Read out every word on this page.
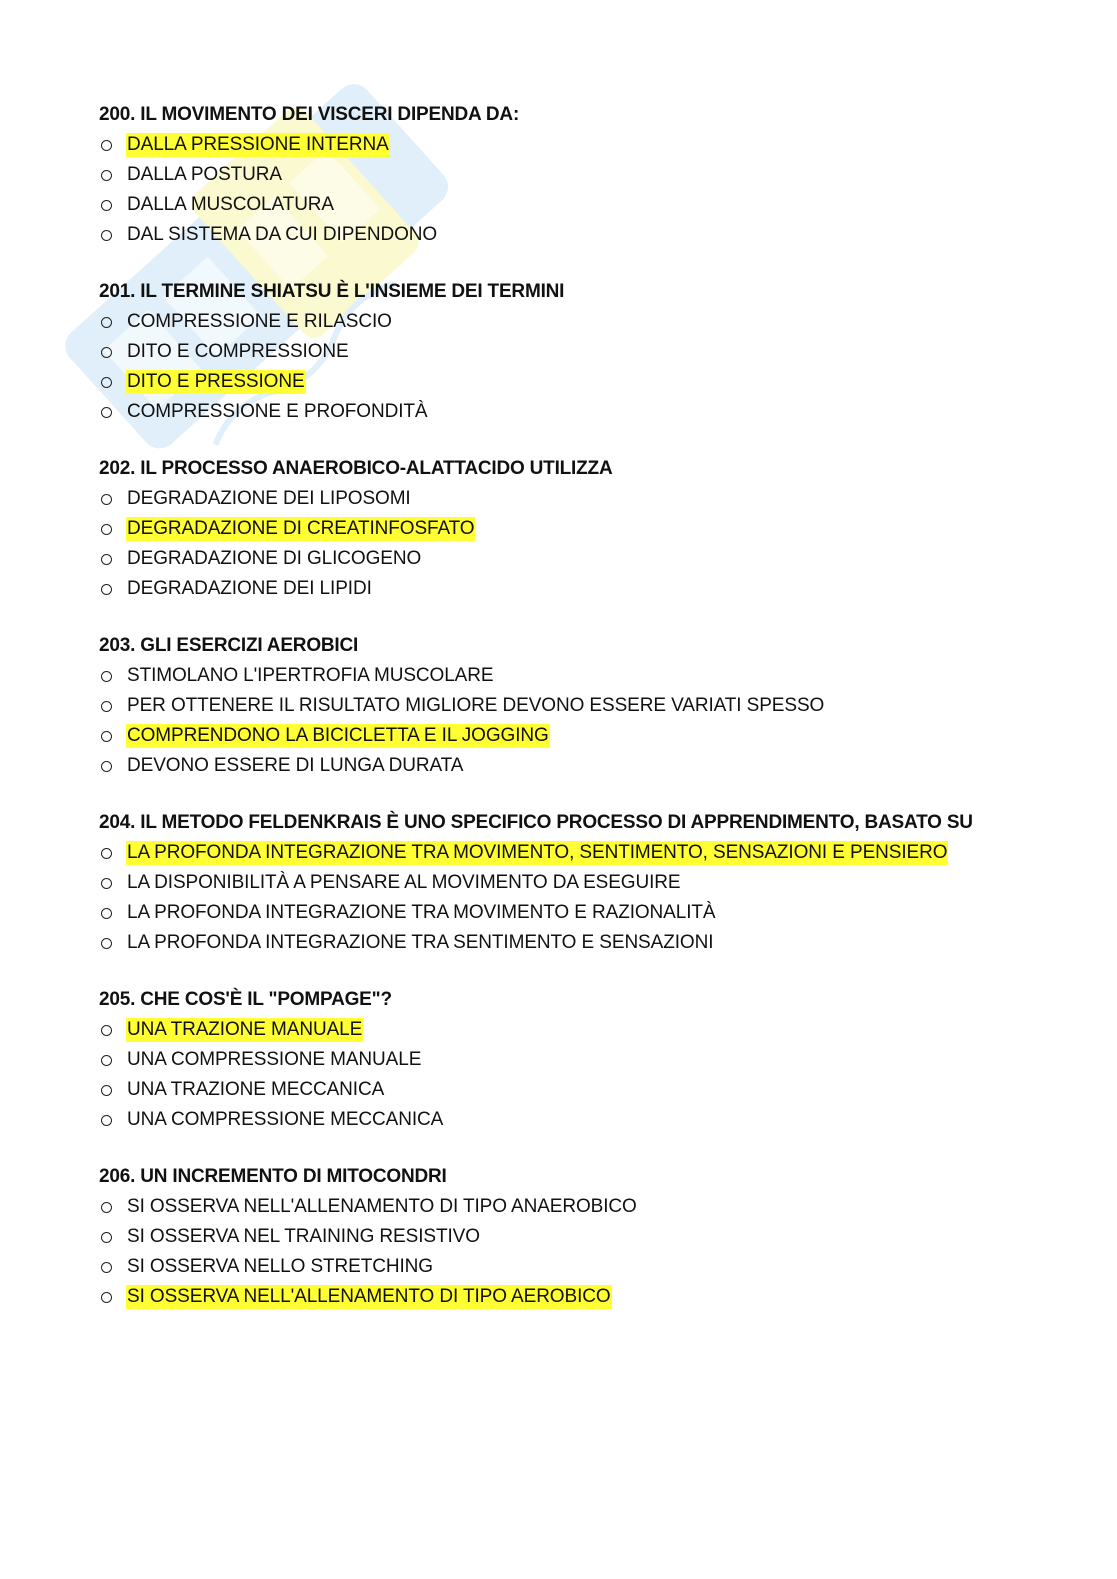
200. IL MOVIMENTO DEI VISCERI DIPENDA DA:
DALLA PRESSIONE INTERNA
DALLA POSTURA
DALLA MUSCOLATURA
DAL SISTEMA DA CUI DIPENDONO
201. IL TERMINE SHIATSU È L'INSIEME DEI TERMINI
COMPRESSIONE E RILASCIO
DITO E COMPRESSIONE
DITO E PRESSIONE
COMPRESSIONE E PROFONDITÀ
202. IL PROCESSO ANAEROBICO-ALATTACIDO UTILIZZA
DEGRADAZIONE DEI LIPOSOMI
DEGRADAZIONE DI CREATINFOSFATO
DEGRADAZIONE DI GLICOGENO
DEGRADAZIONE DEI LIPIDI
203. GLI ESERCIZI AEROBICI
STIMOLANO L'IPERTROFIA MUSCOLARE
PER OTTENERE IL RISULTATO MIGLIORE DEVONO ESSERE VARIATI SPESSO
COMPRENDONO LA BICICLETTA E IL JOGGING
DEVONO ESSERE DI LUNGA DURATA
204. IL METODO FELDENKRAIS È UNO SPECIFICO PROCESSO DI APPRENDIMENTO, BASATO SU
LA PROFONDA INTEGRAZIONE TRA MOVIMENTO, SENTIMENTO, SENSAZIONI E PENSIERO
LA DISPONIBILITÀ A PENSARE AL MOVIMENTO DA ESEGUIRE
LA PROFONDA INTEGRAZIONE TRA MOVIMENTO E RAZIONALITÀ
LA PROFONDA INTEGRAZIONE TRA SENTIMENTO E SENSAZIONI
205. CHE COS'È IL "POMPAGE"?
UNA TRAZIONE MANUALE
UNA COMPRESSIONE MANUALE
UNA TRAZIONE MECCANICA
UNA COMPRESSIONE MECCANICA
206. UN INCREMENTO DI MITOCONDRI
SI OSSERVA NELL'ALLENAMENTO DI TIPO ANAEROBICO
SI OSSERVA NEL TRAINING RESISTIVO
SI OSSERVA NELLO STRETCHING
SI OSSERVA NELL'ALLENAMENTO DI TIPO AEROBICO
